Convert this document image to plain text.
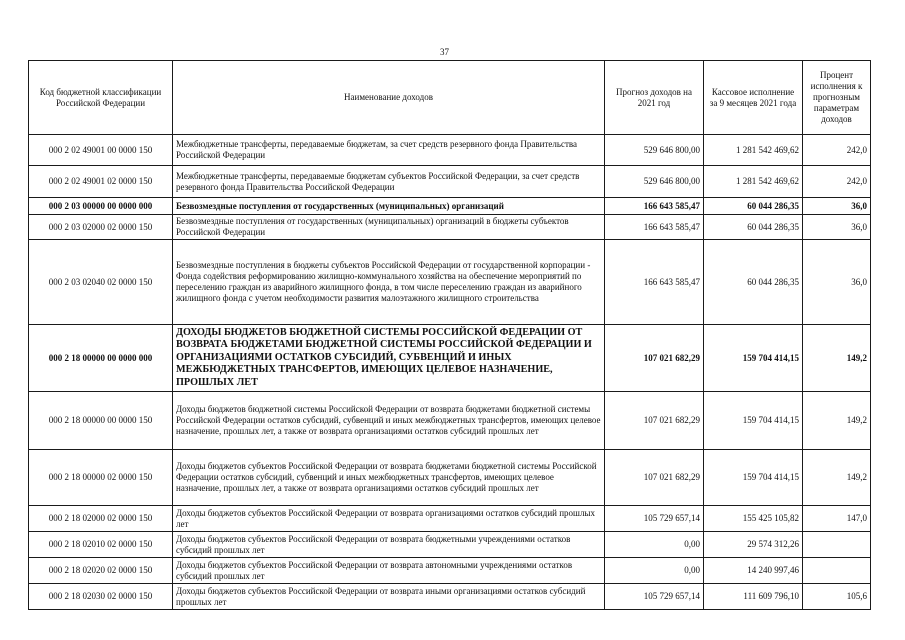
37
Код бюджетной классификации Российской Федерации	Наименование доходов	Прогноз доходов на 2021 год	Кассовое исполнение за 9 месяцев 2021 года	Процент исполнения к прогнозным параметрам доходов
000 2 02 49001 00 0000 150	Межбюджетные трансферты, передаваемые бюджетам, за счет средств резервного фонда Правительства Российской Федерации	529 646 800,00	1 281 542 469,62	242,0
000 2 02 49001 02 0000 150	Межбюджетные трансферты, передаваемые бюджетам субъектов Российской Федерации, за счет средств резервного фонда Правительства Российской Федерации	529 646 800,00	1 281 542 469,62	242,0
000 2 03 00000 00 0000 000	Безвозмездные поступления от государственных (муниципальных) организаций	166 643 585,47	60 044 286,35	36,0
000 2 03 02000 02 0000 150	Безвозмездные поступления от государственных (муниципальных) организаций в бюджеты субъектов Российской Федерации	166 643 585,47	60 044 286,35	36,0
000 2 03 02040 02 0000 150	Безвозмездные поступления в бюджеты субъектов Российской Федерации от государственной корпорации - Фонда содействия реформированию жилищно-коммунального хозяйства на обеспечение мероприятий по переселению граждан из аварийного жилищного фонда, в том числе переселению граждан из аварийного жилищного фонда с учетом необходимости развития малоэтажного жилищного строительства	166 643 585,47	60 044 286,35	36,0
000 2 18 00000 00 0000 000	ДОХОДЫ БЮДЖЕТОВ БЮДЖЕТНОЙ СИСТЕМЫ РОССИЙСКОЙ ФЕДЕРАЦИИ ОТ ВОЗВРАТА БЮДЖЕТАМИ БЮДЖЕТНОЙ СИСТЕМЫ РОССИЙСКОЙ ФЕДЕРАЦИИ И ОРГАНИЗАЦИЯМИ ОСТАТКОВ СУБСИДИЙ, СУБВЕНЦИЙ И ИНЫХ МЕЖБЮДЖЕТНЫХ ТРАНСФЕРТОВ, ИМЕЮЩИХ ЦЕЛЕВОЕ НАЗНАЧЕНИЕ, ПРОШЛЫХ ЛЕТ	107 021 682,29	159 704 414,15	149,2
000 2 18 00000 00 0000 150	Доходы бюджетов бюджетной системы Российской Федерации от возврата бюджетами бюджетной системы Российской Федерации остатков субсидий, субвенций и иных межбюджетных трансфертов, имеющих целевое назначение, прошлых лет, а также от возврата организациями остатков субсидий прошлых лет	107 021 682,29	159 704 414,15	149,2
000 2 18 00000 02 0000 150	Доходы бюджетов субъектов Российской Федерации от возврата бюджетами бюджетной системы Российской Федерации остатков субсидий, субвенций и иных межбюджетных трансфертов, имеющих целевое назначение, прошлых лет, а также от возврата организациями остатков субсидий прошлых лет	107 021 682,29	159 704 414,15	149,2
000 2 18 02000 02 0000 150	Доходы бюджетов субъектов Российской Федерации от возврата организациями остатков субсидий прошлых лет	105 729 657,14	155 425 105,82	147,0
000 2 18 02010 02 0000 150	Доходы бюджетов субъектов Российской Федерации от возврата бюджетными учреждениями остатков субсидий прошлых лет	0,00	29 574 312,26	
000 2 18 02020 02 0000 150	Доходы бюджетов субъектов Российской Федерации от возврата автономными учреждениями остатков субсидий прошлых лет	0,00	14 240 997,46	
000 2 18 02030 02 0000 150	Доходы бюджетов субъектов Российской Федерации от возврата иными организациями остатков субсидий прошлых лет	105 729 657,14	111 609 796,10	105,6
